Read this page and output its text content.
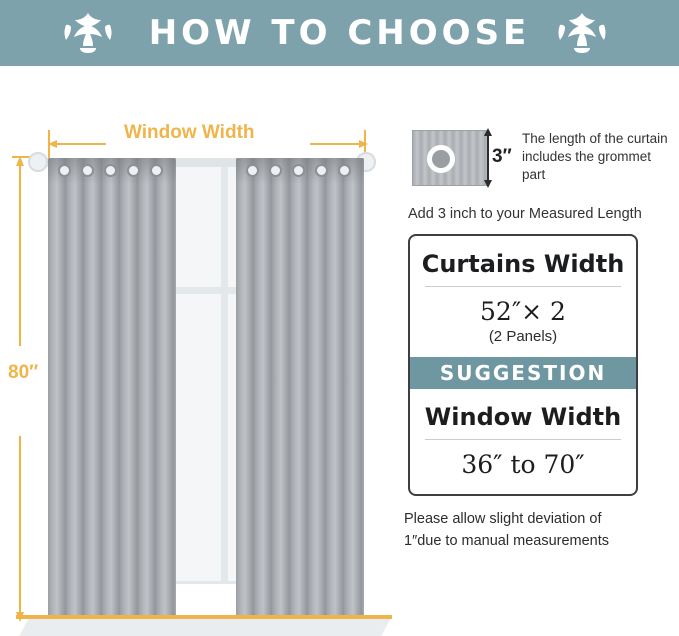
HOW TO CHOOSE
Window Width
80″
3″
The length of the curtain includes the grommet part
Add 3 inch to your Measured Length
Curtains Width
52″× 2
(2 Panels)
SUGGESTION
Window Width
36″ to 70″
Please allow slight deviation of
1″due to manual measurements
